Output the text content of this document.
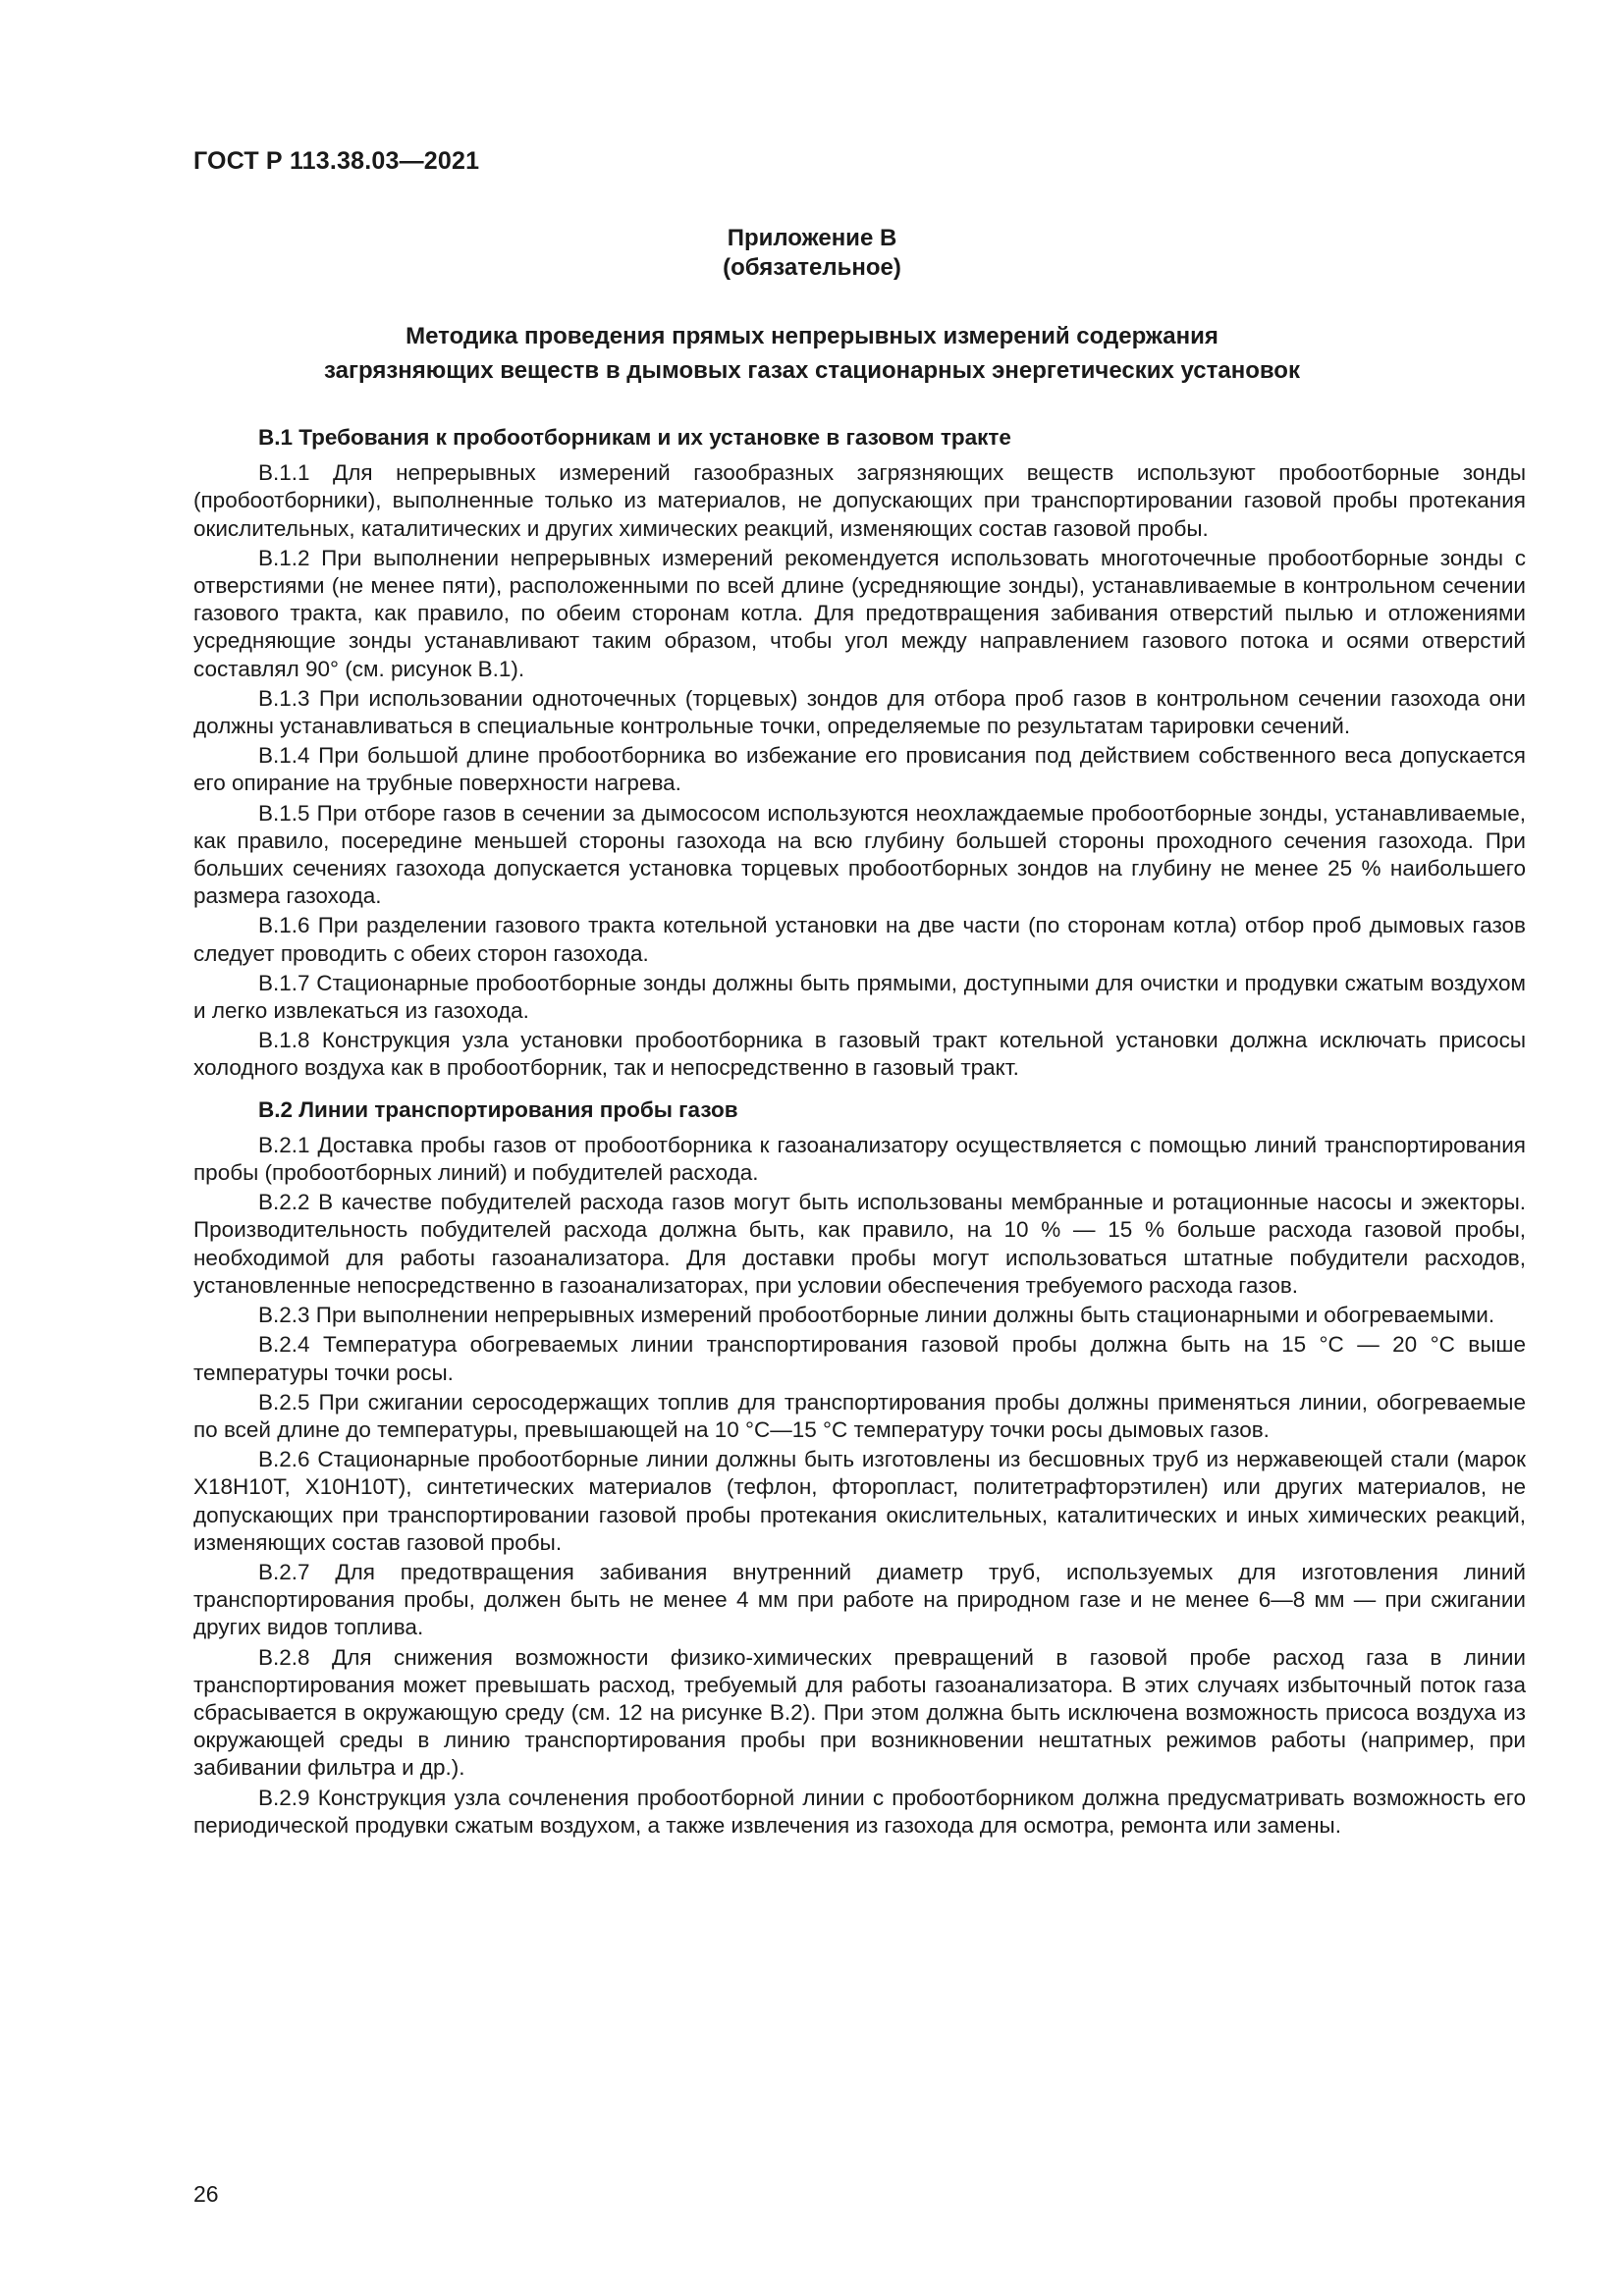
ГОСТ Р 113.38.03—2021
Приложение В
(обязательное)
Методика проведения прямых непрерывных измерений содержания
загрязняющих веществ в дымовых газах стационарных энергетических установок
В.1 Требования к пробоотборникам и их установке в газовом тракте

В.1.1 Для непрерывных измерений газообразных загрязняющих веществ используют пробоотборные зонды (пробоотборники), выполненные только из материалов, не допускающих при транспортировании газовой пробы протекания окислительных, каталитических и других химических реакций, изменяющих состав газовой пробы.

В.1.2 При выполнении непрерывных измерений рекомендуется использовать многоточечные пробоотборные зонды с отверстиями (не менее пяти), расположенными по всей длине (усредняющие зонды), устанавливаемые в контрольном сечении газового тракта, как правило, по обеим сторонам котла. Для предотвращения забивания отверстий пылью и отложениями усредняющие зонды устанавливают таким образом, чтобы угол между направлением газового потока и осями отверстий составлял 90° (см. рисунок В.1).

В.1.3 При использовании одноточечных (торцевых) зондов для отбора проб газов в контрольном сечении газохода они должны устанавливаться в специальные контрольные точки, определяемые по результатам тарировки сечений.

В.1.4 При большой длине пробоотборника во избежание его провисания под действием собственного веса допускается его опирание на трубные поверхности нагрева.

В.1.5 При отборе газов в сечении за дымососом используются неохлаждаемые пробоотборные зонды, устанавливаемые, как правило, посередине меньшей стороны газохода на всю глубину большей стороны проходного сечения газохода. При больших сечениях газохода допускается установка торцевых пробоотборных зондов на глубину не менее 25 % наибольшего размера газохода.

В.1.6 При разделении газового тракта котельной установки на две части (по сторонам котла) отбор проб дымовых газов следует проводить с обеих сторон газохода.

В.1.7 Стационарные пробоотборные зонды должны быть прямыми, доступными для очистки и продувки сжатым воздухом и легко извлекаться из газохода.

В.1.8 Конструкция узла установки пробоотборника в газовый тракт котельной установки должна исключать присосы холодного воздуха как в пробоотборник, так и непосредственно в газовый тракт.

В.2 Линии транспортирования пробы газов

В.2.1 Доставка пробы газов от пробоотборника к газоанализатору осуществляется с помощью линий транспортирования пробы (пробоотборных линий) и побудителей расхода.

В.2.2 В качестве побудителей расхода газов могут быть использованы мембранные и ротационные насосы и эжекторы. Производительность побудителей расхода должна быть, как правило, на 10 % — 15 % больше расхода газовой пробы, необходимой для работы газоанализатора. Для доставки пробы могут использоваться штатные побудители расходов, установленные непосредственно в газоанализаторах, при условии обеспечения требуемого расхода газов.

В.2.3 При выполнении непрерывных измерений пробоотборные линии должны быть стационарными и обогреваемыми.

В.2.4 Температура обогреваемых линии транспортирования газовой пробы должна быть на 15 °С — 20 °С выше температуры точки росы.

В.2.5 При сжигании серосодержащих топлив для транспортирования пробы должны применяться линии, обогреваемые по всей длине до температуры, превышающей на 10 °С—15 °С температуру точки росы дымовых газов.

В.2.6 Стационарные пробоотборные линии должны быть изготовлены из бесшовных труб из нержавеющей стали (марок Х18Н10Т, Х10Н10Т), синтетических материалов (тефлон, фторопласт, политетрафторэтилен) или других материалов, не допускающих при транспортировании газовой пробы протекания окислительных, каталитических и иных химических реакций, изменяющих состав газовой пробы.

В.2.7 Для предотвращения забивания внутренний диаметр труб, используемых для изготовления линий транспортирования пробы, должен быть не менее 4 мм при работе на природном газе и не менее 6—8 мм — при сжигании других видов топлива.

В.2.8 Для снижения возможности физико-химических превращений в газовой пробе расход газа в линии транспортирования может превышать расход, требуемый для работы газоанализатора. В этих случаях избыточный поток газа сбрасывается в окружающую среду (см. 12 на рисунке В.2). При этом должна быть исключена возможность присоса воздуха из окружающей среды в линию транспортирования пробы при возникновении нештатных режимов работы (например, при забивании фильтра и др.).

В.2.9 Конструкция узла сочленения пробоотборной линии с пробоотборником должна предусматривать возможность его периодической продувки сжатым воздухом, а также извлечения из газохода для осмотра, ремонта или замены.

26
